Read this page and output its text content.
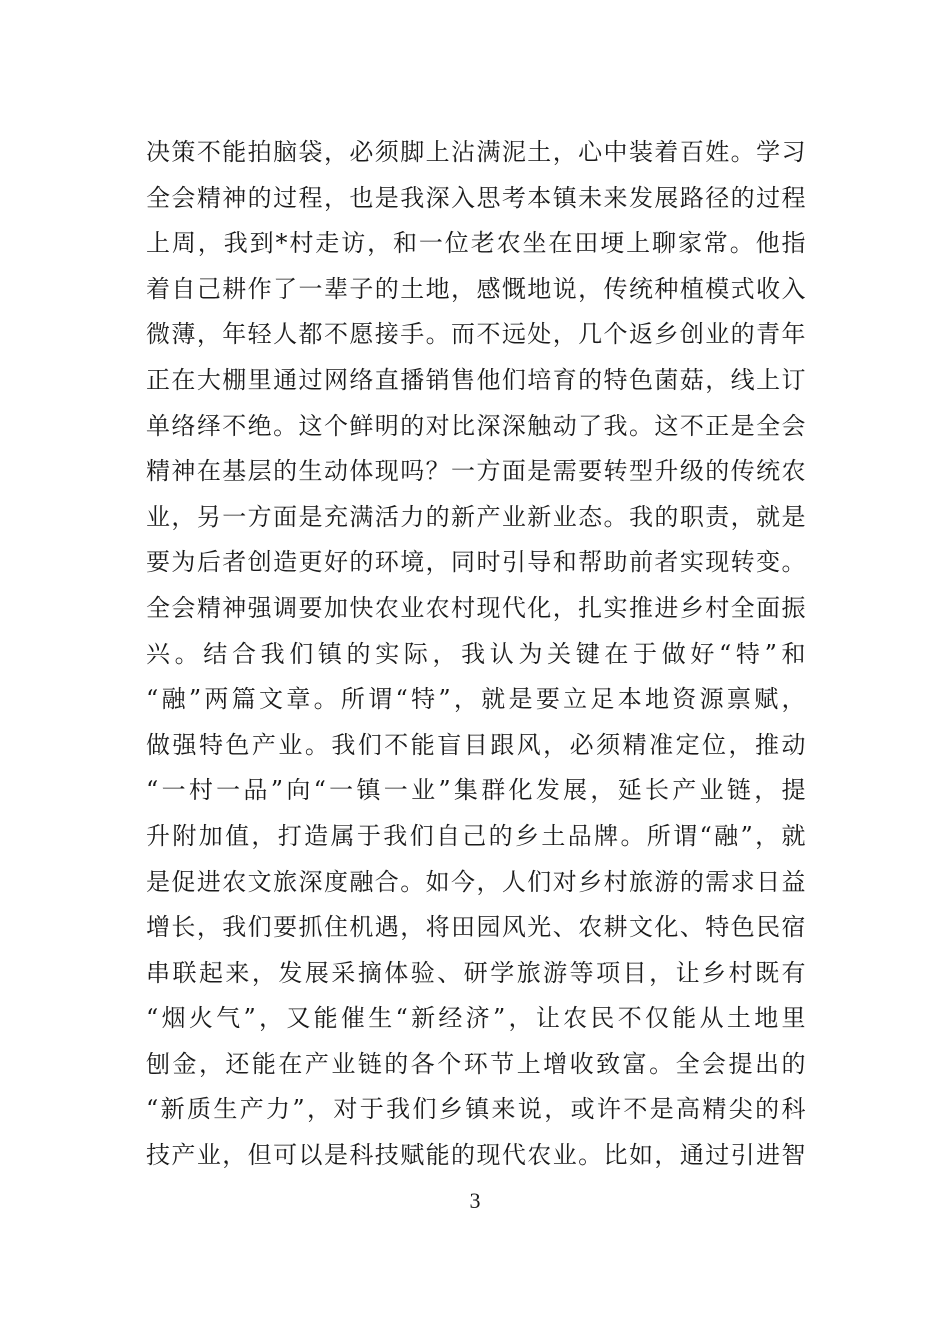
决策不能拍脑袋，必须脚上沾满泥土，心中装着百姓。学习
全会精神的过程，也是我深入思考本镇未来发展路径的过程
上周，我到*村走访，和一位老农坐在田埂上聊家常。他指
着自己耕作了一辈子的土地，感慨地说，传统种植模式收入
微薄，年轻人都不愿接手。而不远处，几个返乡创业的青年
正在大棚里通过网络直播销售他们培育的特色菌菇，线上订
单络绎不绝。这个鲜明的对比深深触动了我。这不正是全会
精神在基层的生动体现吗？一方面是需要转型升级的传统农
业，另一方面是充满活力的新产业新业态。我的职责，就是
要为后者创造更好的环境，同时引导和帮助前者实现转变。
全会精神强调要加快农业农村现代化，扎实推进乡村全面振
兴。结合我们镇的实际，我认为关键在于做好“特”和
“融”两篇文章。所谓“特”，就是要立足本地资源禀赋，
做强特色产业。我们不能盲目跟风，必须精准定位，推动
“一村一品”向“一镇一业”集群化发展，延长产业链，提
升附加值，打造属于我们自己的乡土品牌。所谓“融”，就
是促进农文旅深度融合。如今，人们对乡村旅游的需求日益
增长，我们要抓住机遇，将田园风光、农耕文化、特色民宿
串联起来，发展采摘体验、研学旅游等项目，让乡村既有
“烟火气”，又能催生“新经济”，让农民不仅能从土地里
刨金，还能在产业链的各个环节上增收致富。全会提出的
“新质生产力”，对于我们乡镇来说，或许不是高精尖的科
技产业，但可以是科技赋能的现代农业。比如，通过引进智
3
